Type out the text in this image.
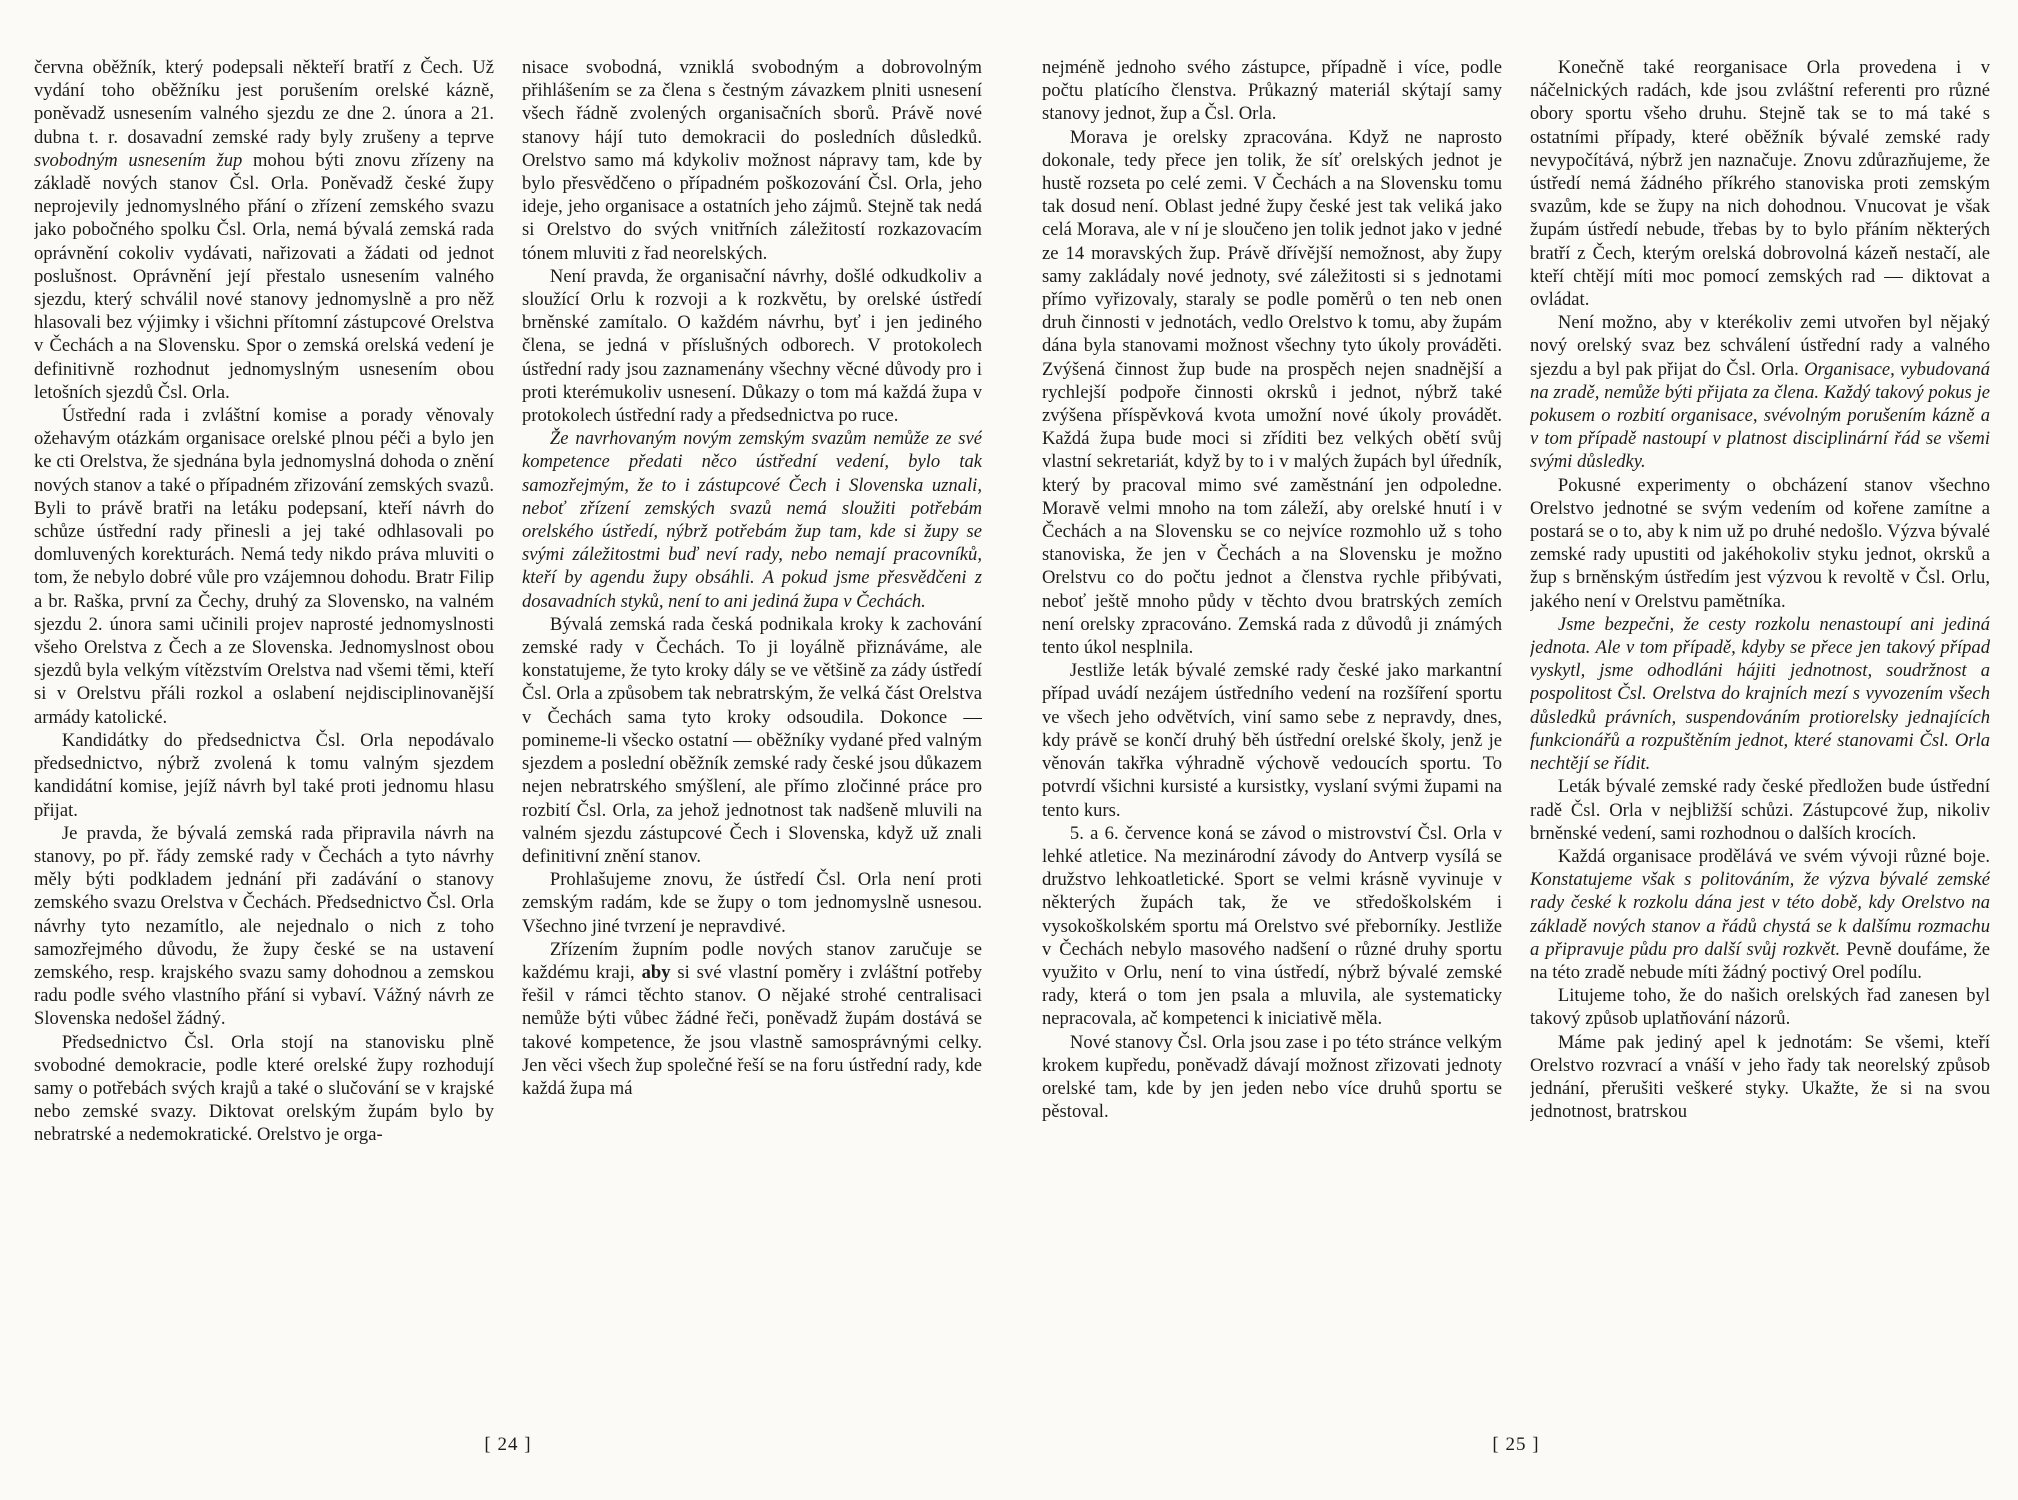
června oběžník, který podepsali někteří bratří z Čech. Už vydání toho oběžníku jest porušením orelské kázně, poněvadž usnesením valného sjezdu ze dne 2. února a 21. dubna t. r. dosavadní zemské rady byly zrušeny a teprve svobodným usnesením žup mohou býti znovu zřízeny na základě nových stanov Čsl. Orla. Poněvadž české župy neprojevily jednomyslného přání o zřízení zemského svazu jako pobočného spolku Čsl. Orla, nemá bývalá zemská rada oprávnění cokoliv vydávati, nařizovati a žádati od jednot poslušnost. Oprávnění její přestalo usnesením valného sjezdu, který schválil nové stanovy jednomyslně a pro něž hlasovali bez výjimky i všichni přítomní zástupcové Orelstva v Čechách a na Slovensku. Spor o zemská orelská vedení je definitivně rozhodnut jednomyslným usnesením obou letošních sjezdů Čsl. Orla.

Ústřední rada i zvláštní komise a porady věnovaly ožehavým otázkám organisace orelské plnou péči a bylo jen ke cti Orelstva, že sjednána byla jednomyslná dohoda o znění nových stanov a také o případném zřizování zemských svazů. Byli to právě bratři na letáku podepsaní, kteří návrh do schůze ústřední rady přinesli a jej také odhlasovali po domluvených korekturách. Nemá tedy nikdo práva mluviti o tom, že nebylo dobré vůle pro vzájemnou dohodu. Bratr Filip a br. Raška, první za Čechy, druhý za Slovensko, na valném sjezdu 2. února sami učinili projev naprosté jednomyslnosti všeho Orelstva z Čech a ze Slovenska. Jednomyslnost obou sjezdů byla velkým vítězstvím Orelstva nad všemi těmi, kteří si v Orelstvu přáli rozkol a oslabení nejdisciplinovanější armády katolické.

Kandidátky do předsednictva Čsl. Orla nepodávalo předsednictvo, nýbrž zvolená k tomu valným sjezdem kandidátní komise, jejíž návrh byl také proti jednomu hlasu přijat.

Je pravda, že bývalá zemská rada připravila návrh na stanovy, po př. řády zemské rady v Čechách a tyto návrhy měly býti podkladem jednání při zadávání o stanovy zemského svazu Orelstva v Čechách. Předsednictvo Čsl. Orla návrhy tyto nezamítlo, ale nejednalo o nich z toho samozřejmého důvodu, že župy české se na ustavení zemského, resp. krajského svazu samy dohodnou a zemskou radu podle svého vlastního přání si vybaví. Vážný návrh ze Slovenska nedošel žádný.

Předsednictvo Čsl. Orla stojí na stanovisku plně svobodné demokracie, podle které orelské župy rozhodují samy o potřebách svých krajů a také o slučování se v krajské nebo zemské svazy. Diktovat orelským župám bylo by nebratrské a nedemokratické. Orelstvo je orga-

nisace svobodná, vzniklá svobodným a dobrovolným přihlášením se za člena s čestným závazkem plniti usnesení všech řádně zvolených organisačních sborů. Právě nové stanovy hájí tuto demokracii do posledních důsledků. Orelstvo samo má kdykoliv možnost nápravy tam, kde by bylo přesvědčeno o případném poškozování Čsl. Orla, jeho ideje, jeho organisace a ostatních jeho zájmů. Stejně tak nedá si Orelstvo do svých vnitřních záležitostí rozkazovacím tónem mluviti z řad neorelských.

Není pravda, že organisační návrhy, došlé odkudkoliv a sloužící Orlu k rozvoji a k rozkvětu, by orelské ústředí brněnské zamítalo. O každém návrhu, byť i jen jediného člena, se jedná v příslušných odborech. V protokolech ústřední rady jsou zaznamenány všechny věcné důvody pro i proti kterémukoliv usnesení. Důkazy o tom má každá župa v protokolech ústřední rady a předsednictva po ruce.

Že navrhovaným novým zemským svazům nemůže ze své kompetence předati něco ústřední vedení, bylo tak samozřejmým, že to i zástupcové Čech i Slovenska uznali, neboť zřízení zemských svazů nemá sloužiti potřebám orelského ústředí, nýbrž potřebám žup tam, kde si župy se svými záležitostmi buď neví rady, nebo nemají pracovníků, kteří by agendu župy obsáhli. A pokud jsme přesvědčeni z dosavadních styků, není to ani jediná župa v Čechách.

Bývalá zemská rada česká podnikala kroky k zachování zemské rady v Čechách. To ji loyálně přiznáváme, ale konstatujeme, že tyto kroky dály se ve většině za zády ústředí Čsl. Orla a způsobem tak nebratrským, že velká část Orelstva v Čechách sama tyto kroky odsoudila. Dokonce — pomineme-li všecko ostatní — oběžníky vydané před valným sjezdem a poslední oběžník zemské rady české jsou důkazem nejen nebratrského smýšlení, ale přímo zločinné práce pro rozbití Čsl. Orla, za jehož jednotnost tak nadšeně mluvili na valném sjezdu zástupcové Čech i Slovenska, když už znali definitivní znění stanov.

Prohlašujeme znovu, že ústředí Čsl. Orla není proti zemským radám, kde se župy o tom jednomyslně usnesou. Všechno jiné tvrzení je nepravdivé.

Zřízením župním podle nových stanov zaručuje se každému kraji, aby si své vlastní poměry i zvláštní potřeby řešil v rámci těchto stanov. O nějaké strohé centralisaci nemůže býti vůbec žádné řeči, poněvadž župám dostává se takové kompetence, že jsou vlastně samosprávnými celky. Jen věci všech žup společné řeší se na foru ústřední rady, kde každá župa má

[ 24 ]

nejméně jednoho svého zástupce, případně i více, podle počtu platícího členstva. Průkazný materiál skýtají samy stanovy jednot, žup a Čsl. Orla.

Morava je orelsky zpracována. Když ne naprosto dokonale, tedy přece jen tolik, že síť orelských jednot je hustě rozseta po celé zemi. V Čechách a na Slovensku tomu tak dosud není. Oblast jedné župy české jest tak veliká jako celá Morava, ale v ní je sloučeno jen tolik jednot jako v jedné ze 14 moravských žup. Právě dřívější nemožnost, aby župy samy zakládaly nové jednoty, své záležitosti si s jednotami přímo vyřizovaly, staraly se podle poměrů o ten neb onen druh činnosti v jednotách, vedlo Orelstvo k tomu, aby župám dána byla stanovami možnost všechny tyto úkoly prováděti. Zvýšená činnost žup bude na prospěch nejen snadnější a rychlejší podpoře činnosti okrsků i jednot, nýbrž také zvýšena příspěvková kvota umožní nové úkoly provádět. Každá župa bude moci si zříditi bez velkých obětí svůj vlastní sekretariát, když by to i v malých župách byl úředník, který by pracoval mimo své zaměstnání jen odpoledne. Moravě velmi mnoho na tom záleží, aby orelské hnutí i v Čechách a na Slovensku se co nejvíce rozmohlo už s toho stanoviska, že jen v Čechách a na Slovensku je možno Orelstvu co do počtu jednot a členstva rychle přibývati, neboť ještě mnoho půdy v těchto dvou bratrských zemích není orelsky zpracováno. Zemská rada z důvodů ji známých tento úkol nesplnila.

Jestliže leták bývalé zemské rady české jako markantní případ uvádí nezájem ústředního vedení na rozšíření sportu ve všech jeho odvětvích, viní samo sebe z nepravdy, dnes, kdy právě se končí druhý běh ústřední orelské školy, jenž je věnován takřka výhradně výchově vedoucích sportu. To potvrdí všichni kursisté a kursistky, vyslaní svými župami na tento kurs.

5. a 6. července koná se závod o mistrovství Čsl. Orla v lehké atletice. Na mezinárodní závody do Antverp vysílá se družstvo lehkoatletické. Sport se velmi krásně vyvinuje v některých župách tak, že ve středoškolském i vysokoškolském sportu má Orelstvo své přeborníky. Jestliže v Čechách nebylo masového nadšení o různé druhy sportu využito v Orlu, není to vina ústředí, nýbrž bývalé zemské rady, která o tom jen psala a mluvila, ale systematicky nepracovala, ač kompetenci k iniciativě měla.

Nové stanovy Čsl. Orla jsou zase i po této stránce velkým krokem kupředu, poněvadž dávají možnost zřizovati jednoty orelské tam, kde by jen jeden nebo více druhů sportu se pěstoval.

Konečně také reorganisace Orla provedena i v náčelnických radách, kde jsou zvláštní referenti pro různé obory sportu všeho druhu. Stejně tak se to má také s ostatními případy, které oběžník bývalé zemské rady nevypočítává, nýbrž jen naznačuje. Znovu zdůrazňujeme, že ústředí nemá žádného příkrého stanoviska proti zemským svazům, kde se župy na nich dohodnou. Vnucovat je však župám ústředí nebude, třebas by to bylo přáním některých bratří z Čech, kterým orelská dobrovolná kázeň nestačí, ale kteří chtějí míti moc pomocí zemských rad — diktovat a ovládat.

Není možno, aby v kterékoliv zemi utvořen byl nějaký nový orelský svaz bez schválení ústřední rady a valného sjezdu a byl pak přijat do Čsl. Orla. Organisace, vybudovaná na zradě, nemůže býti přijata za člena. Každý takový pokus je pokusem o rozbití organisace, svévolným porušením kázně a v tom případě nastoupí v platnost disciplinární řád se všemi svými důsledky.

Pokusné experimenty o obcházení stanov všechno Orelstvo jednotné se svým vedením od kořene zamítne a postará se o to, aby k nim už po druhé nedošlo. Výzva bývalé zemské rady upustiti od jakéhokoliv styku jednot, okrsků a žup s brněnským ústředím jest výzvou k revoltě v Čsl. Orlu, jakého není v Orelstvu pamětníka.

Jsme bezpečni, že cesty rozkolu nenastoupí ani jediná jednota. Ale v tom případě, kdyby se přece jen takový případ vyskytl, jsme odhodláni hájiti jednotnost, soudržnost a pospolitost Čsl. Orelstva do krajních mezí s vyvozením všech důsledků právních, suspendováním protiorelsky jednajících funkcionářů a rozpuštěním jednot, které stanovami Čsl. Orla nechtějí se řídit.

Leták bývalé zemské rady české předložen bude ústřední radě Čsl. Orla v nejbližší schůzi. Zástupcové žup, nikoliv brněnské vedení, sami rozhodnou o dalších krocích.

Každá organisace prodělává ve svém vývoji různé boje. Konstatujeme však s politováním, že výzva bývalé zemské rady české k rozkolu dána jest v této době, kdy Orelstvo na základě nových stanov a řádů chystá se k dalšímu rozmachu a připravuje půdu pro další svůj rozkvět. Pevně doufáme, že na této zradě nebude míti žádný poctivý Orel podílu.

Litujeme toho, že do našich orelských řad zanesen byl takový způsob uplatňování názorů.

Máme pak jediný apel k jednotám: Se všemi, kteří Orelstvo rozvrací a vnáší v jeho řady tak neorelský způsob jednání, přerušiti veškeré styky. Ukažte, že si na svou jednotnost, bratrskou

[ 25 ]
